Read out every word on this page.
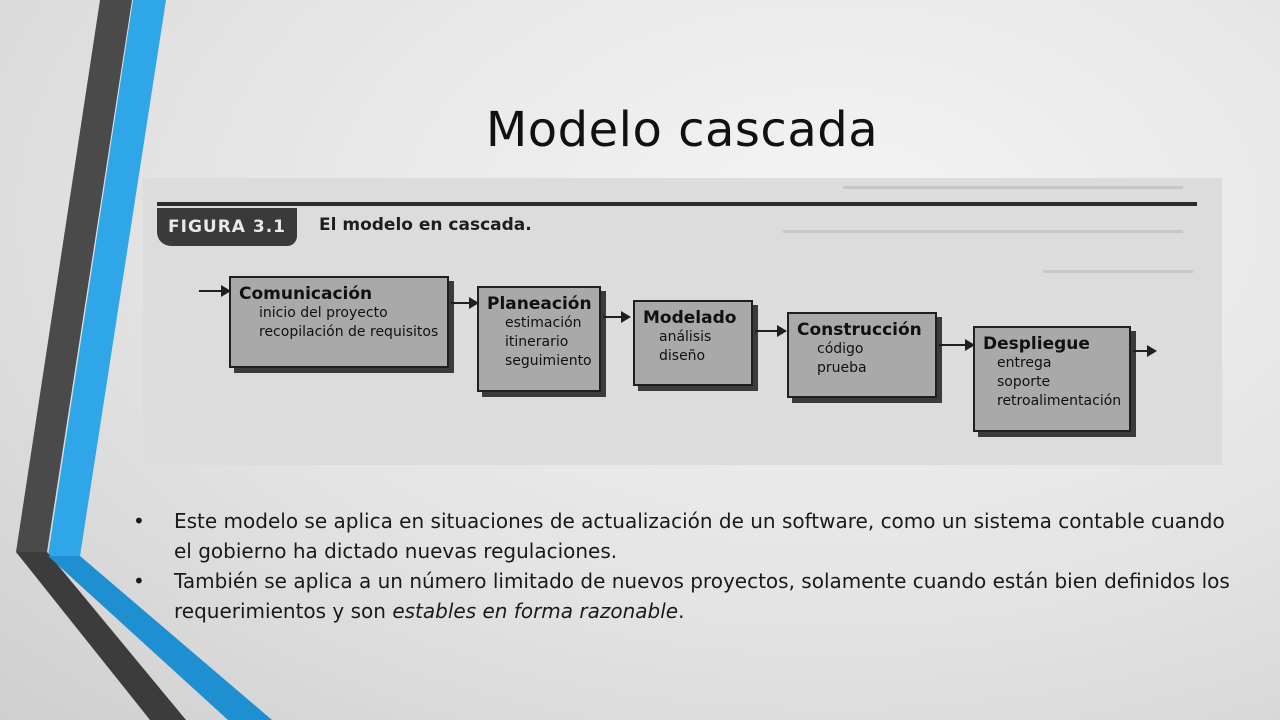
Modelo cascada
FIGURA 3.1	El modelo en cascada.
Comunicación
inicio del proyecto
recopilación de requisitos
Planeación
estimación
itinerario
seguimiento
Modelado
análisis
diseño
Construcción
código
prueba
Despliegue
entrega
soporte
retroalimentación
• Este modelo se aplica en situaciones de actualización de un software, como un sistema contable cuando el gobierno ha dictado nuevas regulaciones.
• También se aplica a un número limitado de nuevos proyectos, solamente cuando están bien definidos los requerimientos y son estables en forma razonable.
